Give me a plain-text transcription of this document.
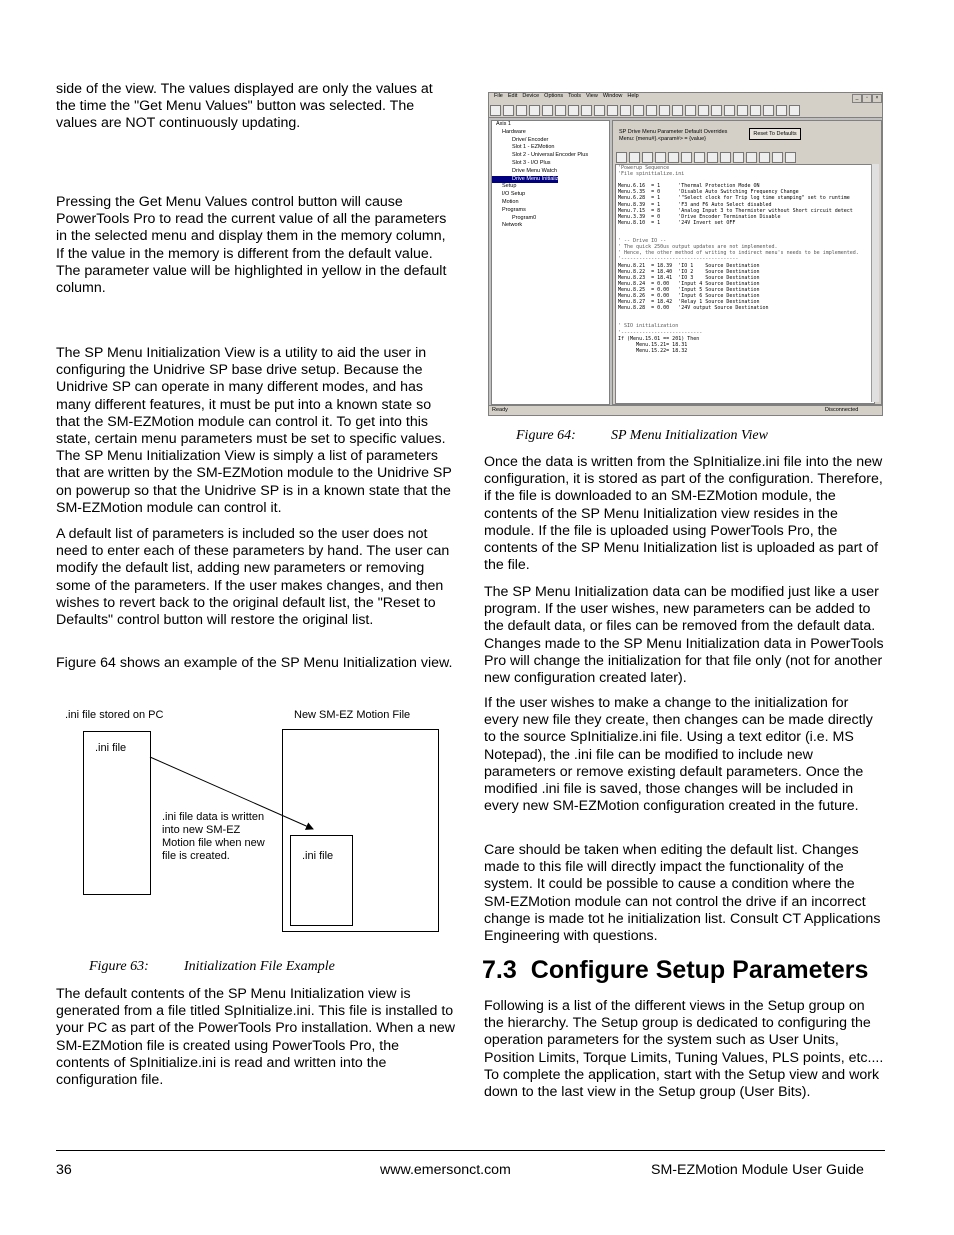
side of the view. The values displayed are only the values at the time the "Get Menu Values" button was selected. The values are NOT continuously updating.

Pressing the Get Menu Values control button will cause PowerTools Pro to read the current value of all the parameters in the selected menu and display them in the memory column, If the value in the memory is different from the default value. The parameter value will be highlighted in yellow in the default column.

The SP Menu Initialization View is a utility to aid the user in configuring the Unidrive SP base drive setup. Because the Unidrive SP can operate in many different modes, and has many different features, it must be put into a known state so that the SM-EZMotion module can control it. To get into this state, certain menu parameters must be set to specific values. The SP Menu Initialization View is simply a list of parameters that are written by the SM-EZMotion module to the Unidrive SP on powerup so that the Unidrive SP is in a known state that the SM-EZMotion module can control it.

A default list of parameters is included so the user does not need to enter each of these parameters by hand. The user can modify the default list, adding new parameters or removing some of the parameters. If the user makes changes, and then wishes to revert back to the original default list, the "Reset to Defaults" control button will restore the original list.

Figure 64 shows an example of the SP Menu Initialization view.

.ini file stored on PC	New SM-EZ Motion File
.ini file
.ini file
.ini file data is written into new SM-EZ Motion file when new file is created.
Figure 63:	Initialization File Example

The default contents of the SP Menu Initialization view is generated from a file titled SpInitialize.ini. This file is installed to your PC as part of the PowerTools Pro installation. When a new SM-EZMotion file is created using PowerTools Pro, the contents of SpInitialize.ini is read and written into the configuration file.

File Edit Device Options Tools View Window Help	_	▫	×
Axis 1
Hardware
Drive/ Encoder
Slot 1 - EZMotion
Slot 2 - Universal Encoder Plus
Slot 3 - I/O Plus
Drive Menu Watch
Drive Menu Initializ
Setup
I/O Setup
Motion
Programs
Program0
Network
SP Drive Menu Parameter Default Overrides
Menu: {menu#}.<param#> = {value}
Reset To Defaults
'Powerup Sequence
'File spinitialize.ini
Menu.6.16  = 1      'Thermal Protection Mode ON
Menu.5.35  = 0      'Disable Auto Switching Frequency Change
Menu.6.28  = 1      '"Select clock for Trip log time stamping" set to runtime
Menu.8.39  = 1      'F3 and F6 Auto Select disabled
Menu.7.15  = 8      'Analog Input 3 to Thermister without Short circuit detect
Menu.3.39  = 0      'Drive Encoder Termination Disable
Menu.8.10  = 1      '24V Invert set OFF
' -- Drive IO --
' The quick 250us output updates are not implemented.
' Hence, the other method of writing to indirect menu's needs to be implemented.
'---------------------------------------
Menu.8.21  = 18.39  'IO 1    Source Destination
Menu.8.22  = 18.40  'IO 2    Source Destination
Menu.8.23  = 18.41  'IO 3    Source Destination
Menu.8.24  = 0.00   'Input 4 Source Destination
Menu.8.25  = 0.00   'Input 5 Source Destination
Menu.8.26  = 0.00   'Input 6 Source Destination
Menu.8.27  = 18.42  'Relay 1 Source Destination
Menu.8.28  = 0.00   '24V output Source Destination
' SIO initialization
'---------------------------
If (Menu.15.01 == 201) Then
Menu.15.21= 18.31
Menu.15.22= 18.32
Ready	Disconnected
Figure 64:	SP Menu Initialization View

Once the data is written from the SpInitialize.ini file into the new configuration, it is stored as part of the configuration. Therefore, if the file is downloaded to an SM-EZMotion module, the contents of the SP Menu Initialization view resides in the module. If the file is uploaded using PowerTools Pro, the contents of the SP Menu Initialization list is uploaded as part of the file.

The SP Menu Initialization data can be modified just like a user program. If the user wishes, new parameters can be added to the default data, or files can be removed from the default data. Changes made to the SP Menu Initialization data in PowerTools Pro will change the initialization for that file only (not for another new configuration created later).

If the user wishes to make a change to the initialization for every new file they create, then changes can be made directly to the source SpInitialize.ini file. Using a text editor (i.e. MS Notepad), the .ini file can be modified to include new parameters or remove existing default parameters. Once the modified .ini file is saved, those changes will be included in every new SM-EZMotion configuration created in the future.

Care should be taken when editing the default list. Changes made to this file will directly impact the functionality of the system. It could be possible to cause a condition where the SM-EZMotion module can not control the drive if an incorrect change is made tot he initialization list. Consult CT Applications Engineering with questions.

7.3 Configure Setup Parameters

Following is a list of the different views in the Setup group on the hierarchy. The Setup group is dedicated to configuring the operation parameters for the system such as User Units, Position Limits, Torque Limits, Tuning Values, PLS points, etc.... To complete the application, start with the Setup view and work down to the last view in the Setup group (User Bits).

36	www.emersonct.com	SM-EZMotion Module User Guide
